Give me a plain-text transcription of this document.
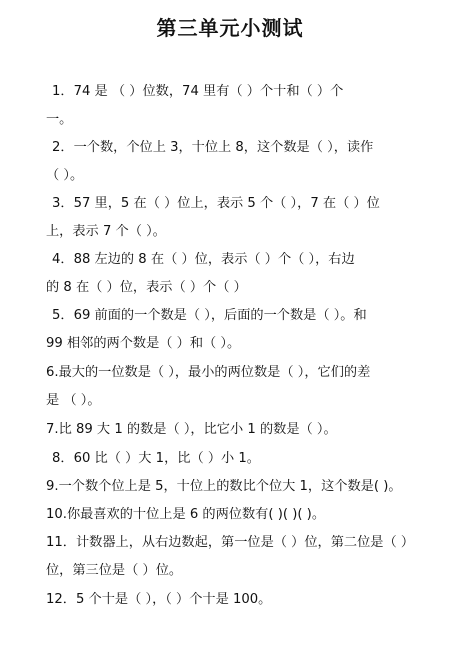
第三单元小测试
1．74 是 （ ）位数，74 里有（ ）个十和（ ）个
一。
2．一个数，个位上 3，十位上 8，这个数是（ ），读作
（ ）。
3．57 里，5 在（ ）位上，表示 5 个（ ），7 在（ ）位
上，表示 7 个（ ）。
4．88 左边的 8 在（ ）位，表示（ ）个（ ），右边
的 8 在（ ）位，表示（ ）个（ ）
5．69 前面的一个数是（ ），后面的一个数是（ ）。和
99 相邻的两个数是（ ）和（ ）。
6.最大的一位数是（ ），最小的两位数是（ ），它们的差
是 （ ）。
7.比 89 大 1 的数是（ ），比它小 1 的数是（ ）。
8．60 比（ ）大 1，比（ ）小 1。
9.一个数个位上是 5，十位上的数比个位大 1，这个数是( )。
10.你最喜欢的十位上是 6 的两位数有( )( )( )。
11．计数器上，从右边数起，第一位是（ ）位，第二位是（ ）
位，第三位是（ ）位。
12．5 个十是（ ），（ ）个十是 100。
